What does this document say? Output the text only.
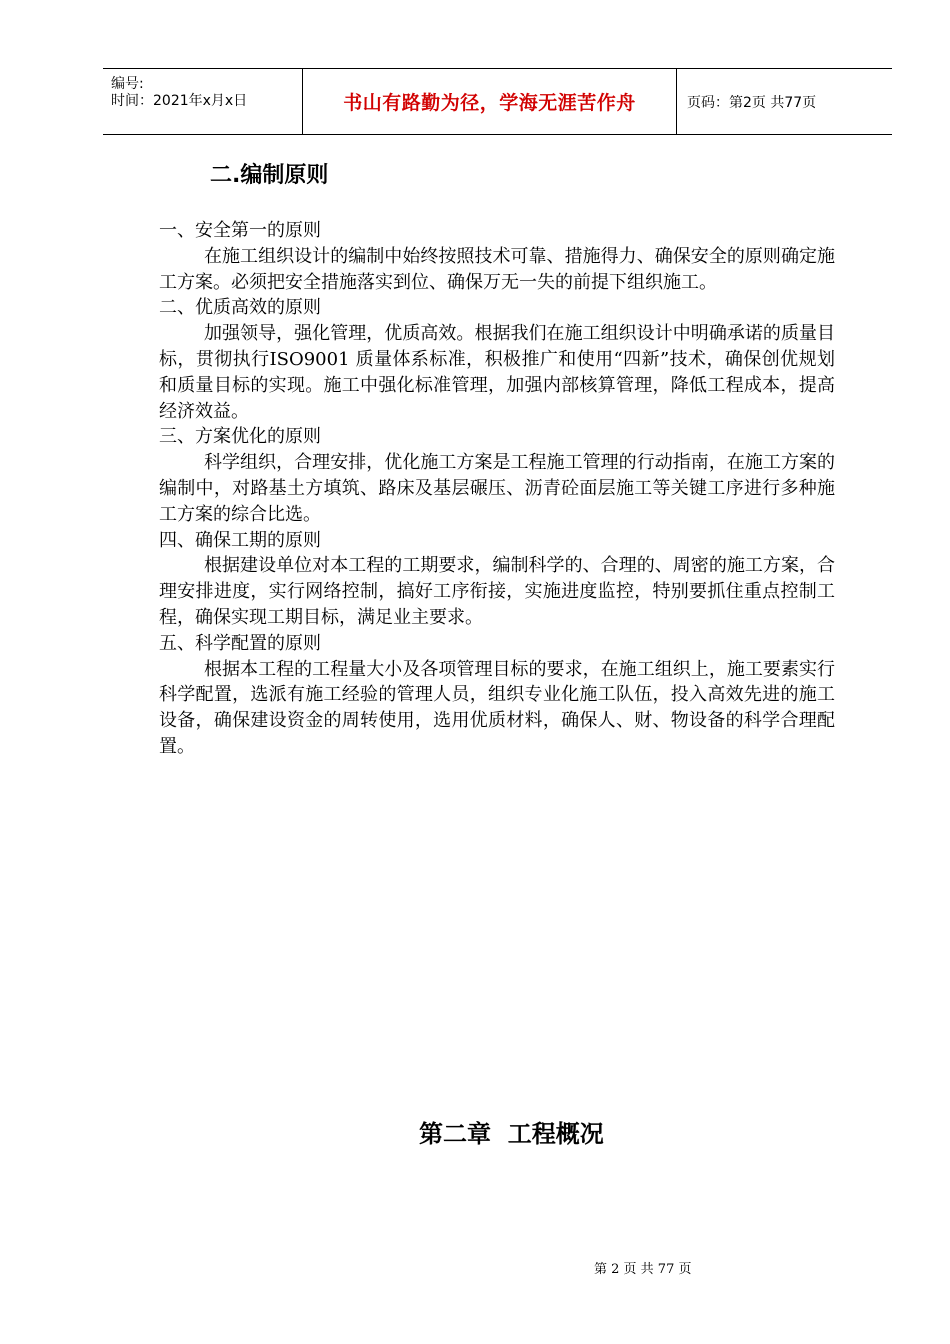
编号:
时间：2021年x月x日	书山有路勤为径，学海无涯苦作舟	页码：第2页 共77页
二.编制原则

一、安全第一的原则

在施工组织设计的编制中始终按照技术可靠、措施得力、确保安全的原则确定施工方案。必须把安全措施落实到位、确保万无一失的前提下组织施工。

二、优质高效的原则

加强领导，强化管理，优质高效。根据我们在施工组织设计中明确承诺的质量目标，贯彻执行ISO9001 质量体系标准，积极推广和使用“四新”技术，确保创优规划和质量目标的实现。施工中强化标准管理，加强内部核算管理，降低工程成本，提高经济效益。

三、方案优化的原则

科学组织，合理安排，优化施工方案是工程施工管理的行动指南，在施工方案的编制中，对路基土方填筑、路床及基层碾压、沥青砼面层施工等关键工序进行多种施工方案的综合比选。

四、确保工期的原则

根据建设单位对本工程的工期要求，编制科学的、合理的、周密的施工方案，合理安排进度，实行网络控制，搞好工序衔接，实施进度监控，特别要抓住重点控制工程，确保实现工期目标，满足业主要求。

五、科学配置的原则

根据本工程的工程量大小及各项管理目标的要求，在施工组织上，施工要素实行科学配置，选派有施工经验的管理人员，组织专业化施工队伍，投入高效先进的施工设备，确保建设资金的周转使用，选用优质材料，确保人、财、物设备的科学合理配置。

第二章  工程概况
第 2 页 共 77 页
